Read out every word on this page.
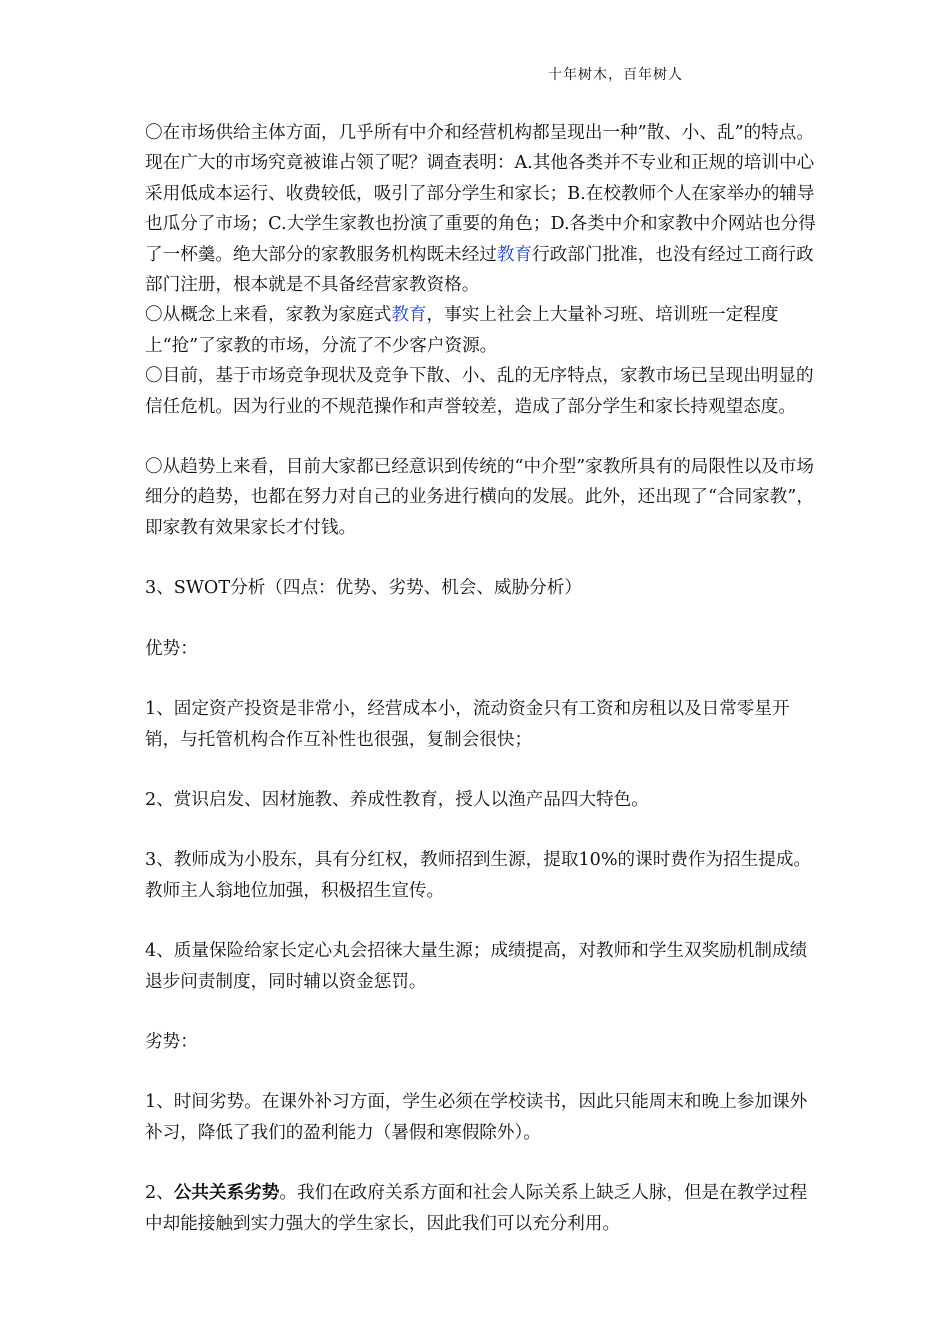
十年树木，百年树人

〇在市场供给主体方面，几乎所有中介和经营机构都呈现出一种”散、小、乱”的特点。现在广大的市场究竟被谁占领了呢？调查表明：A.其他各类并不专业和正规的培训中心采用低成本运行、收费较低，吸引了部分学生和家长；B.在校教师个人在家举办的辅导也瓜分了市场；C.大学生家教也扮演了重要的角色；D.各类中介和家教中介网站也分得了一杯羹。绝大部分的家教服务机构既未经过教育行政部门批准，也没有经过工商行政部门注册，根本就是不具备经营家教资格。

〇从概念上来看，家教为家庭式教育，事实上社会上大量补习班、培训班一定程度上“抢”了家教的市场，分流了不少客户资源。

〇目前，基于市场竞争现状及竞争下散、小、乱的无序特点，家教市场已呈现出明显的信任危机。因为行业的不规范操作和声誉较差，造成了部分学生和家长持观望态度。

〇从趋势上来看，目前大家都已经意识到传统的“中介型”家教所具有的局限性以及市场细分的趋势，也都在努力对自己的业务进行横向的发展。此外，还出现了“合同家教”，即家教有效果家长才付钱。

3、SWOT分析（四点：优势、劣势、机会、威胁分析）

优势：

1、固定资产投资是非常小，经营成本小，流动资金只有工资和房租以及日常零星开销，与托管机构合作互补性也很强，复制会很快；

2、赏识启发、因材施教、养成性教育，授人以渔产品四大特色。

3、教师成为小股东，具有分红权，教师招到生源，提取10%的课时费作为招生提成。教师主人翁地位加强，积极招生宣传。

4、质量保险给家长定心丸会招徕大量生源；成绩提高，对教师和学生双奖励机制成绩退步问责制度，同时辅以资金惩罚。

劣势：

1、时间劣势。在课外补习方面，学生必须在学校读书，因此只能周末和晚上参加课外补习，降低了我们的盈利能力（暑假和寒假除外）。

2、公共关系劣势。我们在政府关系方面和社会人际关系上缺乏人脉，但是在教学过程中却能接触到实力强大的学生家长，因此我们可以充分利用。
